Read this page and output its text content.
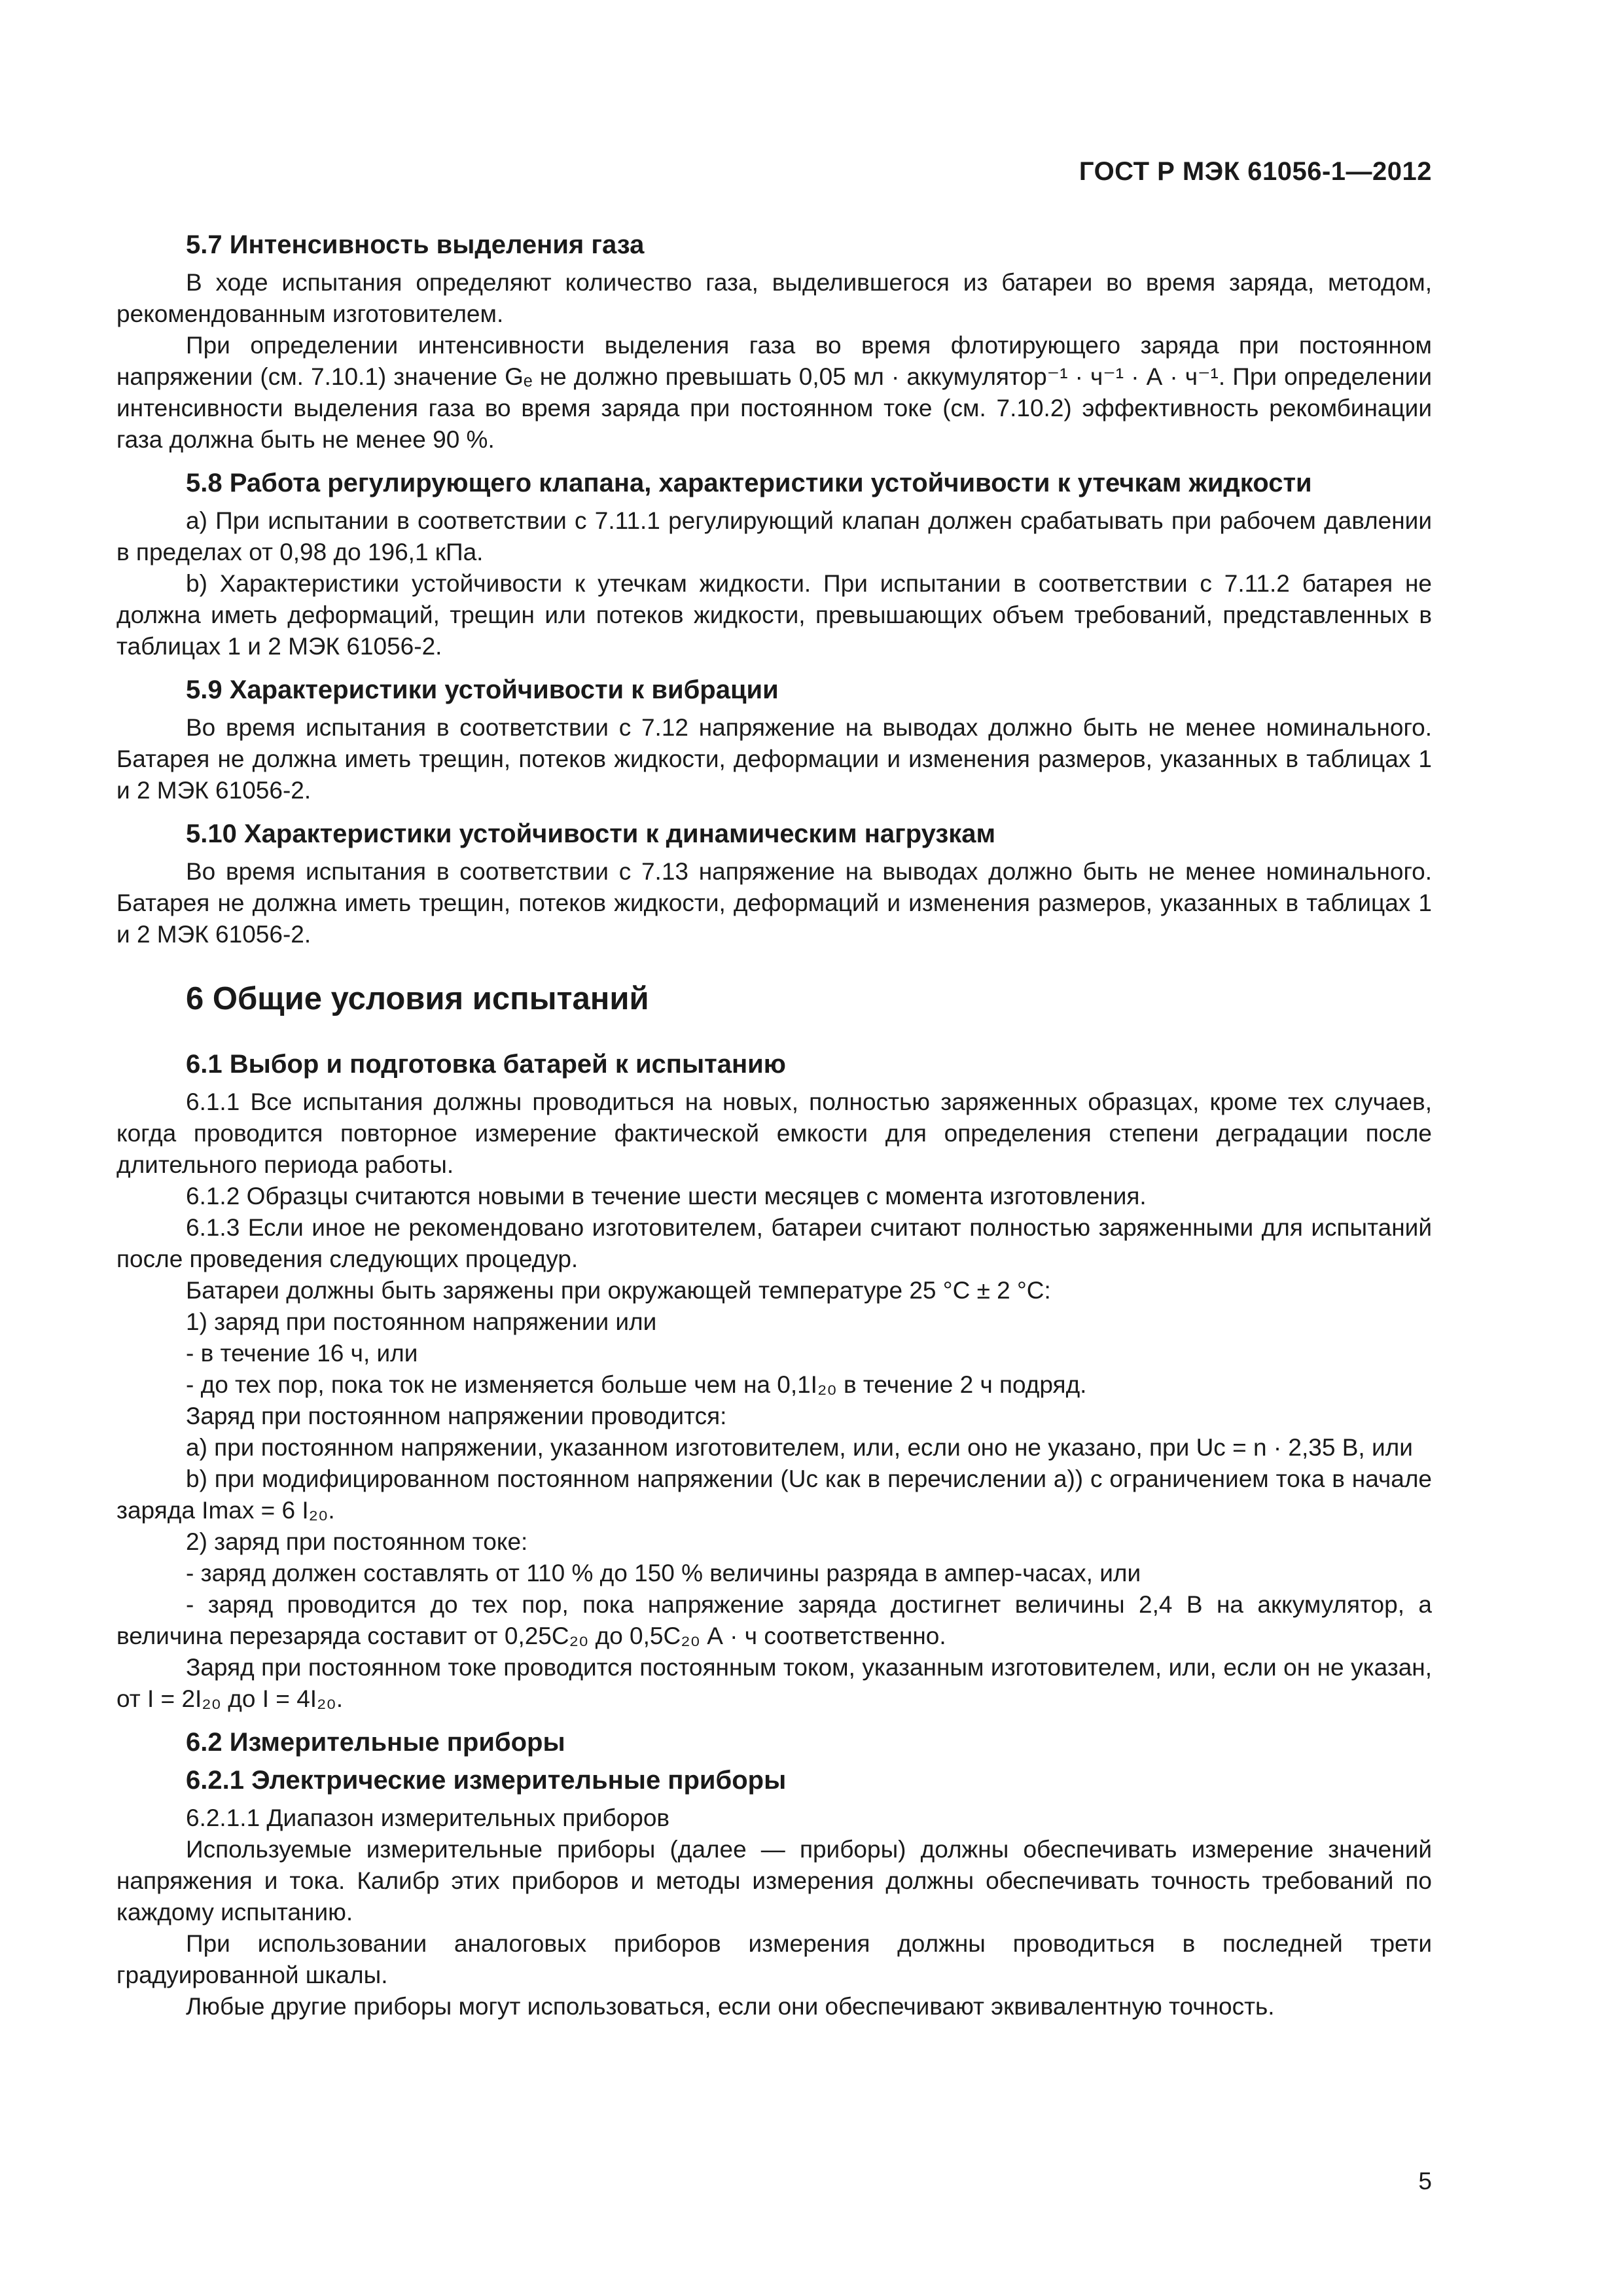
ГОСТ Р МЭК 61056-1—2012
5.7 Интенсивность выделения газа
В ходе испытания определяют количество газа, выделившегося из батареи во время заряда, методом, рекомендованным изготовителем.
При определении интенсивности выделения газа во время флотирующего заряда при постоянном напряжении (см. 7.10.1) значение Gₑ не должно превышать 0,05 мл · аккумулятор⁻¹ · ч⁻¹ · А · ч⁻¹. При определении интенсивности выделения газа во время заряда при постоянном токе (см. 7.10.2) эффективность рекомбинации газа должна быть не менее 90 %.
5.8 Работа регулирующего клапана, характеристики устойчивости к утечкам жидкости
a) При испытании в соответствии с 7.11.1 регулирующий клапан должен срабатывать при рабочем давлении в пределах от 0,98 до 196,1 кПа.
b) Характеристики устойчивости к утечкам жидкости. При испытании в соответствии с 7.11.2 батарея не должна иметь деформаций, трещин или потеков жидкости, превышающих объем требований, представленных в таблицах 1 и 2 МЭК 61056-2.
5.9 Характеристики устойчивости к вибрации
Во время испытания в соответствии с 7.12 напряжение на выводах должно быть не менее номинального. Батарея не должна иметь трещин, потеков жидкости, деформации и изменения размеров, указанных в таблицах 1 и 2 МЭК 61056-2.
5.10 Характеристики устойчивости к динамическим нагрузкам
Во время испытания в соответствии с 7.13 напряжение на выводах должно быть не менее номинального. Батарея не должна иметь трещин, потеков жидкости, деформаций и изменения размеров, указанных в таблицах 1 и 2 МЭК 61056-2.
6 Общие условия испытаний
6.1 Выбор и подготовка батарей к испытанию
6.1.1 Все испытания должны проводиться на новых, полностью заряженных образцах, кроме тех случаев, когда проводится повторное измерение фактической емкости для определения степени деградации после длительного периода работы.
6.1.2 Образцы считаются новыми в течение шести месяцев с момента изготовления.
6.1.3 Если иное не рекомендовано изготовителем, батареи считают полностью заряженными для испытаний после проведения следующих процедур.
Батареи должны быть заряжены при окружающей температуре 25 °С ± 2 °С:
1) заряд при постоянном напряжении или
- в течение 16 ч, или
- до тех пор, пока ток не изменяется больше чем на 0,1I₂₀ в течение 2 ч подряд.
Заряд при постоянном напряжении проводится:
a) при постоянном напряжении, указанном изготовителем, или, если оно не указано, при Uс = n · 2,35 В, или
b) при модифицированном постоянном напряжении (Uс как в перечислении а)) с ограничением тока в начале заряда Imax = 6 I₂₀.
2) заряд при постоянном токе:
- заряд должен составлять от 110 % до 150 % величины разряда в ампер-часах, или
- заряд проводится до тех пор, пока напряжение заряда достигнет величины 2,4 В на аккумулятор, а величина перезаряда составит от 0,25С₂₀ до 0,5С₂₀ А · ч соответственно.
Заряд при постоянном токе проводится постоянным током, указанным изготовителем, или, если он не указан, от I = 2I₂₀ до I = 4I₂₀.
6.2 Измерительные приборы
6.2.1 Электрические измерительные приборы
6.2.1.1 Диапазон измерительных приборов
Используемые измерительные приборы (далее — приборы) должны обеспечивать измерение значений напряжения и тока. Калибр этих приборов и методы измерения должны обеспечивать точность требований по каждому испытанию.
При использовании аналоговых приборов измерения должны проводиться в последней трети градуированной шкалы.
Любые другие приборы могут использоваться, если они обеспечивают эквивалентную точность.
5
